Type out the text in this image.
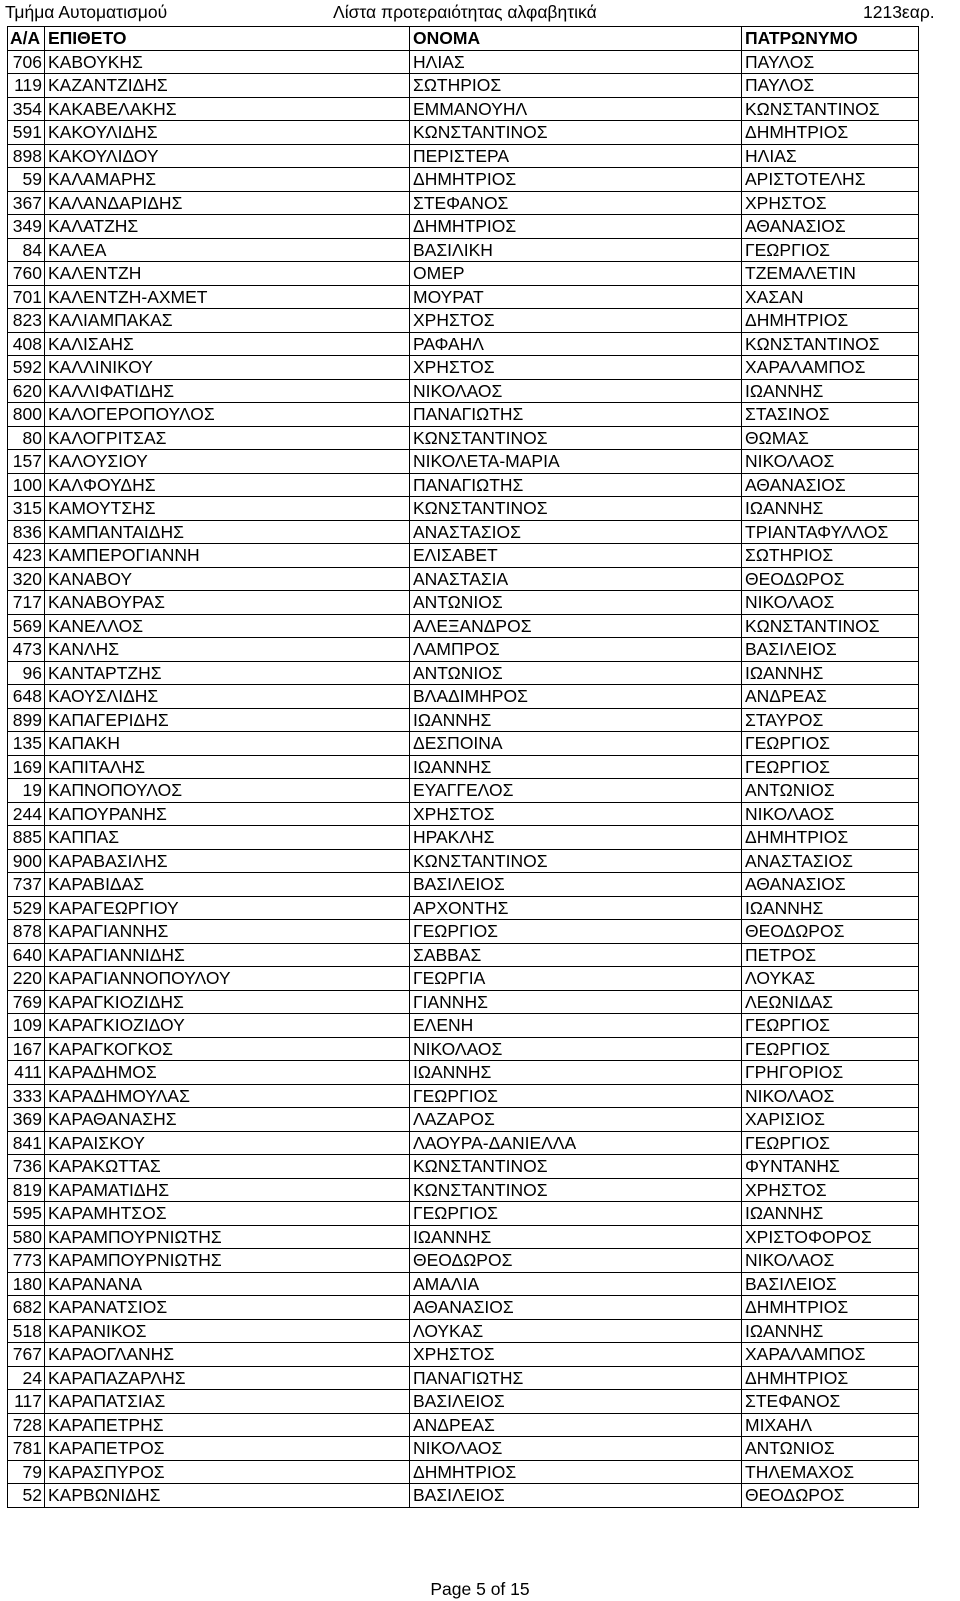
Τμήμα Αυτοματισμού	Λίστα προτεραιότητας αλφαβητικά	1213εαρ.
Α/Α	ΕΠΙΘΕΤΟ	ΟΝΟΜΑ	ΠΑΤΡΩΝΥΜΟ
706	ΚΑΒΟΥΚΗΣ	ΗΛΙΑΣ	ΠΑΥΛΟΣ
119	ΚΑΖΑΝΤΖΙΔΗΣ	ΣΩΤΗΡΙΟΣ	ΠΑΥΛΟΣ
354	ΚΑΚΑΒΕΛΑΚΗΣ	ΕΜΜΑΝΟΥΗΛ	ΚΩΝΣΤΑΝΤΙΝΟΣ
591	ΚΑΚΟΥΛΙΔΗΣ	ΚΩΝΣΤΑΝΤΙΝΟΣ	ΔΗΜΗΤΡΙΟΣ
898	ΚΑΚΟΥΛΙΔΟΥ	ΠΕΡΙΣΤΕΡΑ	ΗΛΙΑΣ
59	ΚΑΛΑΜΑΡΗΣ	ΔΗΜΗΤΡΙΟΣ	ΑΡΙΣΤΟΤΕΛΗΣ
367	ΚΑΛΑΝΔΑΡΙΔΗΣ	ΣΤΕΦΑΝΟΣ	ΧΡΗΣΤΟΣ
349	ΚΑΛΑΤΖΗΣ	ΔΗΜΗΤΡΙΟΣ	ΑΘΑΝΑΣΙΟΣ
84	ΚΑΛΕΑ	ΒΑΣΙΛΙΚΗ	ΓΕΩΡΓΙΟΣ
760	ΚΑΛΕΝΤΖΗ	ΟΜΕΡ	ΤΖΕΜΑΛΕΤΙΝ
701	ΚΑΛΕΝΤΖΗ-ΑΧΜΕΤ	ΜΟΥΡΑΤ	ΧΑΣΑΝ
823	ΚΑΛΙΑΜΠΑΚΑΣ	ΧΡΗΣΤΟΣ	ΔΗΜΗΤΡΙΟΣ
408	ΚΑΛΙΣΑΗΣ	ΡΑΦΑΗΛ	ΚΩΝΣΤΑΝΤΙΝΟΣ
592	ΚΑΛΛΙΝΙΚΟΥ	ΧΡΗΣΤΟΣ	ΧΑΡΑΛΑΜΠΟΣ
620	ΚΑΛΛΙΦΑΤΙΔΗΣ	ΝΙΚΟΛΑΟΣ	ΙΩΑΝΝΗΣ
800	ΚΑΛΟΓΕΡΟΠΟΥΛΟΣ	ΠΑΝΑΓΙΩΤΗΣ	ΣΤΑΣΙΝΟΣ
80	ΚΑΛΟΓΡΙΤΣΑΣ	ΚΩΝΣΤΑΝΤΙΝΟΣ	ΘΩΜΑΣ
157	ΚΑΛΟΥΣΙΟΥ	ΝΙΚΟΛΕΤΑ-ΜΑΡΙΑ	ΝΙΚΟΛΑΟΣ
100	ΚΑΛΦΟΥΔΗΣ	ΠΑΝΑΓΙΩΤΗΣ	ΑΘΑΝΑΣΙΟΣ
315	ΚΑΜΟΥΤΣΗΣ	ΚΩΝΣΤΑΝΤΙΝΟΣ	ΙΩΑΝΝΗΣ
836	ΚΑΜΠΑΝΤΑΙΔΗΣ	ΑΝΑΣΤΑΣΙΟΣ	ΤΡΙΑΝΤΑΦΥΛΛΟΣ
423	ΚΑΜΠΕΡΟΓΙΑΝΝΗ	ΕΛΙΣΑΒΕΤ	ΣΩΤΗΡΙΟΣ
320	ΚΑΝΑΒΟΥ	ΑΝΑΣΤΑΣΙΑ	ΘΕΟΔΩΡΟΣ
717	ΚΑΝΑΒΟΥΡΑΣ	ΑΝΤΩΝΙΟΣ	ΝΙΚΟΛΑΟΣ
569	ΚΑΝΕΛΛΟΣ	ΑΛΕΞΑΝΔΡΟΣ	ΚΩΝΣΤΑΝΤΙΝΟΣ
473	ΚΑΝΛΗΣ	ΛΑΜΠΡΟΣ	ΒΑΣΙΛΕΙΟΣ
96	ΚΑΝΤΑΡΤΖΗΣ	ΑΝΤΩΝΙΟΣ	ΙΩΑΝΝΗΣ
648	ΚΑΟΥΣΛΙΔΗΣ	ΒΛΑΔΙΜΗΡΟΣ	ΑΝΔΡΕΑΣ
899	ΚΑΠΑΓΕΡΙΔΗΣ	ΙΩΑΝΝΗΣ	ΣΤΑΥΡΟΣ
135	ΚΑΠΑΚΗ	ΔΕΣΠΟΙΝΑ	ΓΕΩΡΓΙΟΣ
169	ΚΑΠΙΤΑΛΗΣ	ΙΩΑΝΝΗΣ	ΓΕΩΡΓΙΟΣ
19	ΚΑΠΝΟΠΟΥΛΟΣ	ΕΥΑΓΓΕΛΟΣ	ΑΝΤΩΝΙΟΣ
244	ΚΑΠΟΥΡΑΝΗΣ	ΧΡΗΣΤΟΣ	ΝΙΚΟΛΑΟΣ
885	ΚΑΠΠΑΣ	ΗΡΑΚΛΗΣ	ΔΗΜΗΤΡΙΟΣ
900	ΚΑΡΑΒΑΣΙΛΗΣ	ΚΩΝΣΤΑΝΤΙΝΟΣ	ΑΝΑΣΤΑΣΙΟΣ
737	ΚΑΡΑΒΙΔΑΣ	ΒΑΣΙΛΕΙΟΣ	ΑΘΑΝΑΣΙΟΣ
529	ΚΑΡΑΓΕΩΡΓΙΟΥ	ΑΡΧΟΝΤΗΣ	ΙΩΑΝΝΗΣ
878	ΚΑΡΑΓΙΑΝΝΗΣ	ΓΕΩΡΓΙΟΣ	ΘΕΟΔΩΡΟΣ
640	ΚΑΡΑΓΙΑΝΝΙΔΗΣ	ΣΑΒΒΑΣ	ΠΕΤΡΟΣ
220	ΚΑΡΑΓΙΑΝΝΟΠΟΥΛΟΥ	ΓΕΩΡΓΙΑ	ΛΟΥΚΑΣ
769	ΚΑΡΑΓΚΙΟΖΙΔΗΣ	ΓΙΑΝΝΗΣ	ΛΕΩΝΙΔΑΣ
109	ΚΑΡΑΓΚΙΟΖΙΔΟΥ	ΕΛΕΝΗ	ΓΕΩΡΓΙΟΣ
167	ΚΑΡΑΓΚΟΓΚΟΣ	ΝΙΚΟΛΑΟΣ	ΓΕΩΡΓΙΟΣ
411	ΚΑΡΑΔΗΜΟΣ	ΙΩΑΝΝΗΣ	ΓΡΗΓΟΡΙΟΣ
333	ΚΑΡΑΔΗΜΟΥΛΑΣ	ΓΕΩΡΓΙΟΣ	ΝΙΚΟΛΑΟΣ
369	ΚΑΡΑΘΑΝΑΣΗΣ	ΛΑΖΑΡΟΣ	ΧΑΡΙΣΙΟΣ
841	ΚΑΡΑΙΣΚΟΥ	ΛΑΟΥΡΑ-ΔΑΝΙΕΛΛΑ	ΓΕΩΡΓΙΟΣ
736	ΚΑΡΑΚΩΤΤΑΣ	ΚΩΝΣΤΑΝΤΙΝΟΣ	ΦΥΝΤΑΝΗΣ
819	ΚΑΡΑΜΑΤΙΔΗΣ	ΚΩΝΣΤΑΝΤΙΝΟΣ	ΧΡΗΣΤΟΣ
595	ΚΑΡΑΜΗΤΣΟΣ	ΓΕΩΡΓΙΟΣ	ΙΩΑΝΝΗΣ
580	ΚΑΡΑΜΠΟΥΡΝΙΩΤΗΣ	ΙΩΑΝΝΗΣ	ΧΡΙΣΤΟΦΟΡΟΣ
773	ΚΑΡΑΜΠΟΥΡΝΙΩΤΗΣ	ΘΕΟΔΩΡΟΣ	ΝΙΚΟΛΑΟΣ
180	ΚΑΡΑΝΑΝΑ	ΑΜΑΛΙΑ	ΒΑΣΙΛΕΙΟΣ
682	ΚΑΡΑΝΑΤΣΙΟΣ	ΑΘΑΝΑΣΙΟΣ	ΔΗΜΗΤΡΙΟΣ
518	ΚΑΡΑΝΙΚΟΣ	ΛΟΥΚΑΣ	ΙΩΑΝΝΗΣ
767	ΚΑΡΑΟΓΛΑΝΗΣ	ΧΡΗΣΤΟΣ	ΧΑΡΑΛΑΜΠΟΣ
24	ΚΑΡΑΠΑΖΑΡΛΗΣ	ΠΑΝΑΓΙΩΤΗΣ	ΔΗΜΗΤΡΙΟΣ
117	ΚΑΡΑΠΑΤΣΙΑΣ	ΒΑΣΙΛΕΙΟΣ	ΣΤΕΦΑΝΟΣ
728	ΚΑΡΑΠΕΤΡΗΣ	ΑΝΔΡΕΑΣ	ΜΙΧΑΗΛ
781	ΚΑΡΑΠΕΤΡΟΣ	ΝΙΚΟΛΑΟΣ	ΑΝΤΩΝΙΟΣ
79	ΚΑΡΑΣΠΥΡΟΣ	ΔΗΜΗΤΡΙΟΣ	ΤΗΛΕΜΑΧΟΣ
52	ΚΑΡΒΩΝΙΔΗΣ	ΒΑΣΙΛΕΙΟΣ	ΘΕΟΔΩΡΟΣ
Page 5 of 15
